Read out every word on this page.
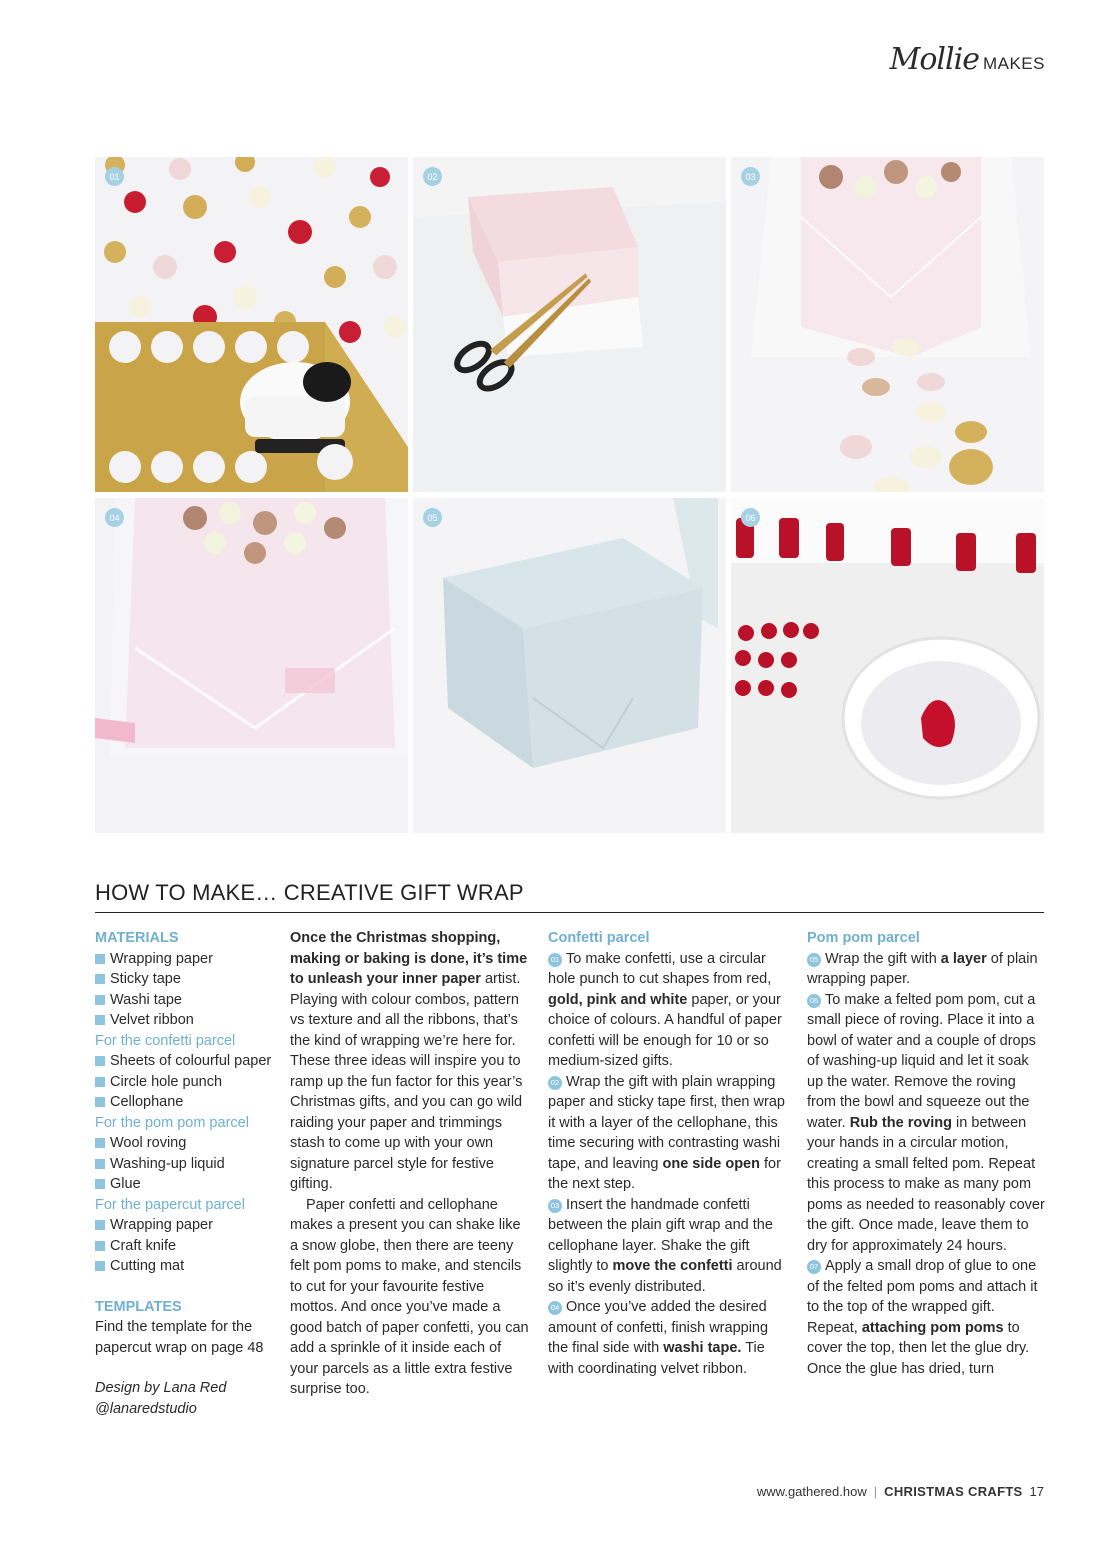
Mollie MAKES
01	02	03
04	05	06
HOW TO MAKE… CREATIVE GIFT WRAP

MATERIALS

Wrapping paper
Sticky tape
Washi tape
Velvet ribbon

For the confetti parcel

Sheets of colourful paper
Circle hole punch
Cellophane

For the pom pom parcel

Wool roving
Washing-up liquid
Glue

For the papercut parcel

Wrapping paper
Craft knife
Cutting mat

TEMPLATES

Find the template for the papercut wrap on page 48

Design by Lana Red

@lanaredstudio

Once the Christmas shopping, making or baking is done, it’s time to unleash your inner paper artist. Playing with colour combos, pattern vs texture and all the ribbons, that’s the kind of wrapping we’re here for. These three ideas will inspire you to ramp up the fun factor for this year’s Christmas gifts, and you can go wild raiding your paper and trimmings stash to come up with your own signature parcel style for festive gifting.

Paper confetti and cellophane makes a present you can shake like a snow globe, then there are teeny felt pom poms to make, and stencils to cut for your favourite festive mottos. And once you’ve made a good batch of paper confetti, you can add a sprinkle of it inside each of your parcels as a little extra festive surprise too.

Confetti parcel

01 To make confetti, use a circular hole punch to cut shapes from red, gold, pink and white paper, or your choice of colours. A handful of paper confetti will be enough for 10 or so medium-sized gifts.

02 Wrap the gift with plain wrapping paper and sticky tape first, then wrap it with a layer of the cellophane, this time securing with contrasting washi tape, and leaving one side open for the next step.

03 Insert the handmade confetti between the plain gift wrap and the cellophane layer. Shake the gift slightly to move the confetti around so it’s evenly distributed.

04 Once you’ve added the desired amount of confetti, finish wrapping the final side with washi tape. Tie with coordinating velvet ribbon.

Pom pom parcel

05 Wrap the gift with a layer of plain wrapping paper.

06 To make a felted pom pom, cut a small piece of roving. Place it into a bowl of water and a couple of drops of washing-up liquid and let it soak up the water. Remove the roving from the bowl and squeeze out the water. Rub the roving in between your hands in a circular motion, creating a small felted pom. Repeat this process to make as many pom poms as needed to reasonably cover the gift. Once made, leave them to dry for approximately 24 hours.

07 Apply a small drop of glue to one of the felted pom poms and attach it to the top of the wrapped gift. Repeat, attaching pom poms to cover the top, then let the glue dry. Once the glue has dried, turn

www.gathered.how | CHRISTMAS CRAFTS 17
